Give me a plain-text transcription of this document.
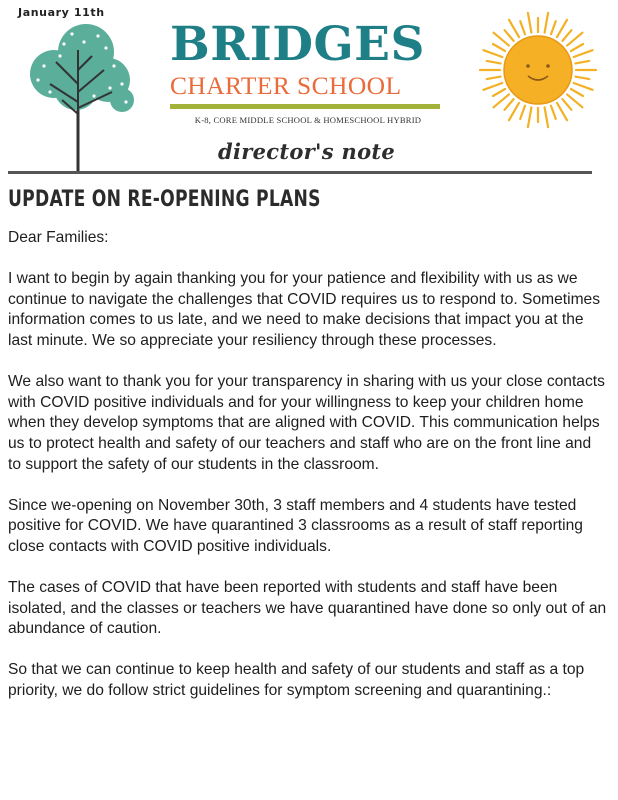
January 11th
BRIDGES
CHARTER SCHOOL
K-8, CORE MIDDLE SCHOOL & HOMESCHOOL HYBRID
director's note
UPDATE ON RE-OPENING PLANS

Dear Families:

I want to begin by again thanking you for your patience and flexibility with us as we continue to navigate the challenges that COVID requires us to respond to. Sometimes information comes to us late, and we need to make decisions that impact you at the last minute. We so appreciate your resiliency through these processes.

We also want to thank you for your transparency in sharing with us your close contacts with COVID positive individuals and for your willingness to keep your children home when they develop symptoms that are aligned with COVID. This communication helps us to protect health and safety of our teachers and staff who are on the front line and to support the safety of our students in the classroom.

Since we-opening on November 30th, 3 staff members and 4 students have tested positive for COVID. We have quarantined 3 classrooms as a result of staff reporting close contacts with COVID positive individuals.

The cases of COVID that have been reported with students and staff have been isolated, and the classes or teachers we have quarantined have done so only out of an abundance of caution.

So that we can continue to keep health and safety of our students and staff as a top priority, we do follow strict guidelines for symptom screening and quarantining.:
